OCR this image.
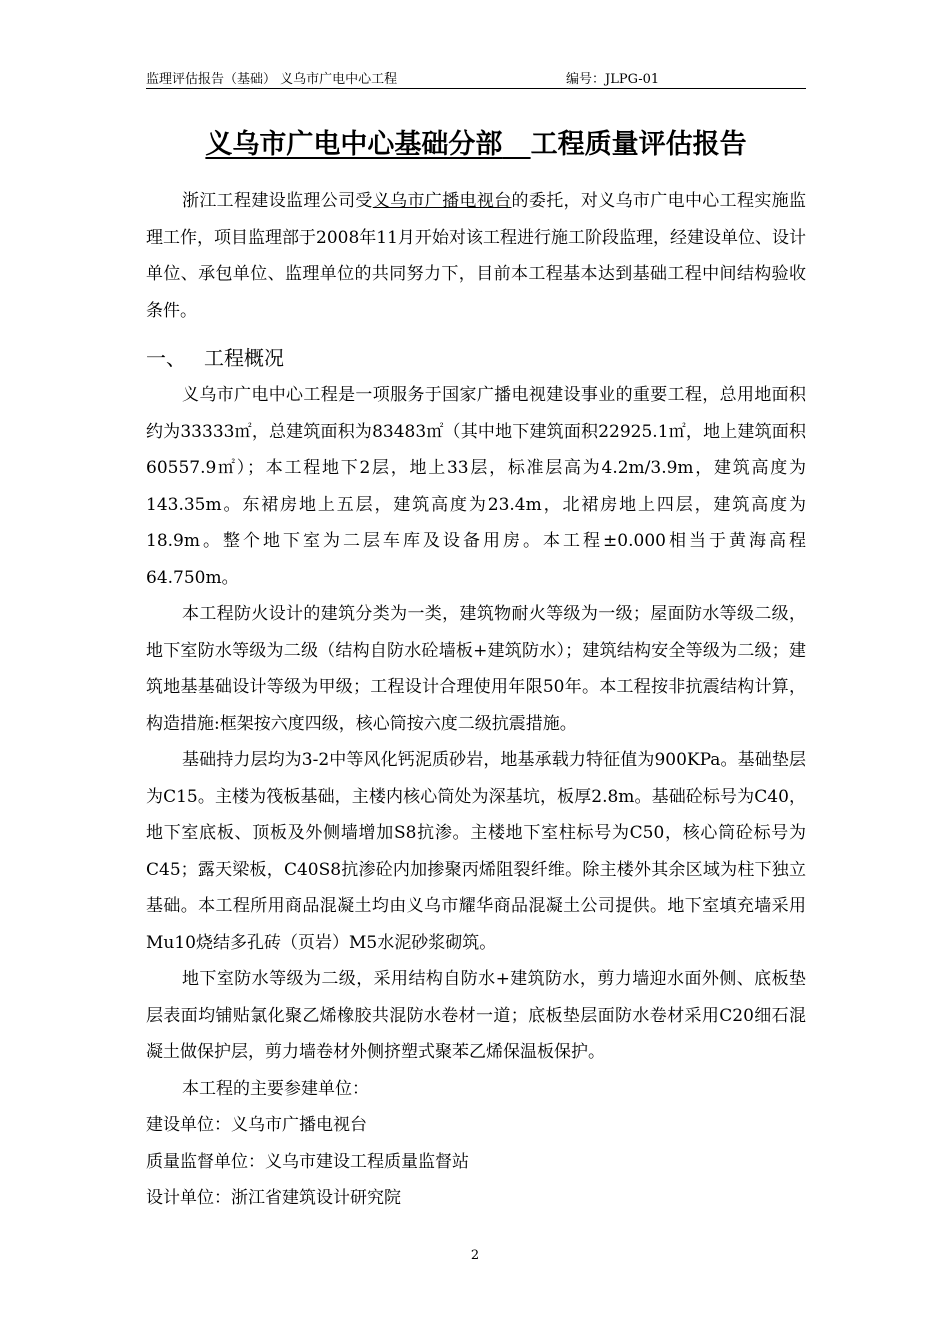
监理评估报告（基础） 义乌市广电中心工程	编号：JLPG-01
义乌市广电中心基础分部 工程质量评估报告

浙江工程建设监理公司受义乌市广播电视台的委托，对义乌市广电中心工程实施监理工作，项目监理部于2008年11月开始对该工程进行施工阶段监理，经建设单位、设计单位、承包单位、监理单位的共同努力下，目前本工程基本达到基础工程中间结构验收条件。

一、 工程概况

义乌市广电中心工程是一项服务于国家广播电视建设事业的重要工程，总用地面积约为33333㎡，总建筑面积为83483㎡（其中地下建筑面积22925.1㎡，地上建筑面积60557.9㎡）；本工程地下2层，地上33层，标准层高为4.2m/3.9m，建筑高度为143.35m。东裙房地上五层，建筑高度为23.4m，北裙房地上四层，建筑高度为18.9m。整个地下室为二层车库及设备用房。本工程±0.000相当于黄海高程64.750m。

本工程防火设计的建筑分类为一类，建筑物耐火等级为一级；屋面防水等级二级，地下室防水等级为二级（结构自防水砼墙板+建筑防水）；建筑结构安全等级为二级；建筑地基基础设计等级为甲级；工程设计合理使用年限50年。本工程按非抗震结构计算，构造措施:框架按六度四级，核心筒按六度二级抗震措施。

基础持力层均为3-2中等风化钙泥质砂岩，地基承载力特征值为900KPa。基础垫层为C15。主楼为筏板基础，主楼内核心筒处为深基坑，板厚2.8m。基础砼标号为C40，地下室底板、顶板及外侧墙增加S8抗渗。主楼地下室柱标号为C50，核心筒砼标号为C45；露天梁板，C40S8抗渗砼内加掺聚丙烯阻裂纤维。除主楼外其余区域为柱下独立基础。本工程所用商品混凝土均由义乌市耀华商品混凝土公司提供。地下室填充墙采用Mu10烧结多孔砖（页岩）M5水泥砂浆砌筑。

地下室防水等级为二级，采用结构自防水+建筑防水，剪力墙迎水面外侧、底板垫层表面均铺贴氯化聚乙烯橡胶共混防水卷材一道；底板垫层面防水卷材采用C20细石混凝土做保护层，剪力墙卷材外侧挤塑式聚苯乙烯保温板保护。

本工程的主要参建单位：

建设单位：义乌市广播电视台

质量监督单位：义乌市建设工程质量监督站

设计单位：浙江省建筑设计研究院

2
